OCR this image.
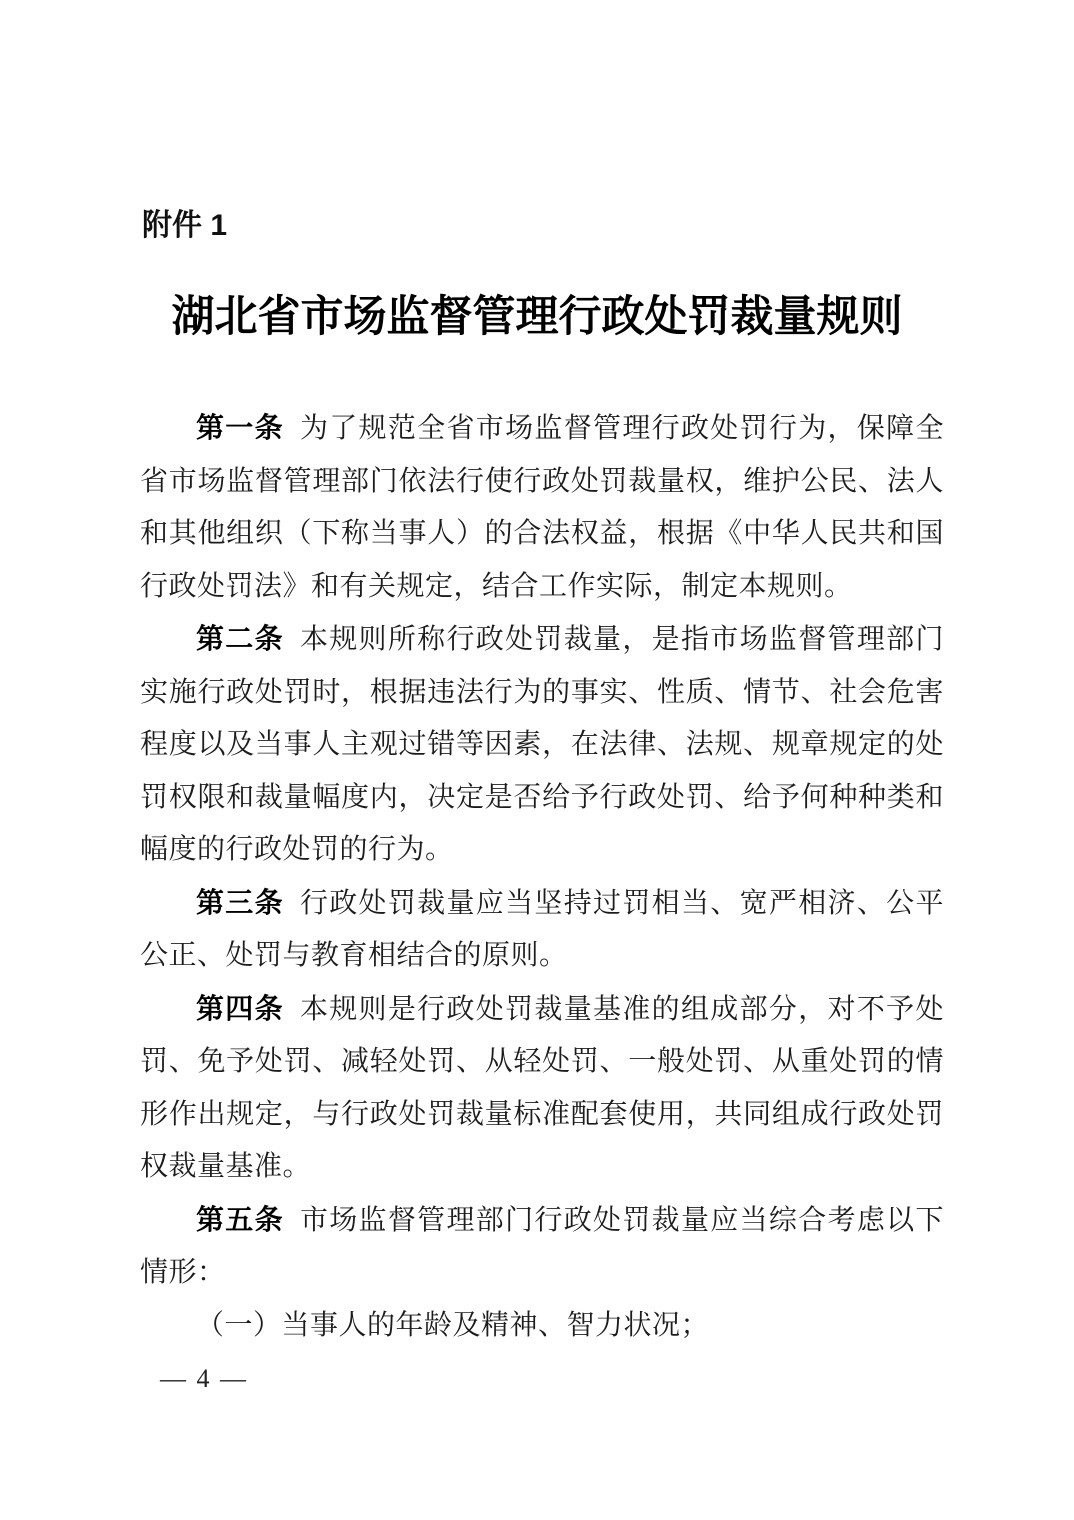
附件 1
湖北省市场监督管理行政处罚裁量规则

第一条 为了规范全省市场监督管理行政处罚行为，保障全省市场监督管理部门依法行使行政处罚裁量权，维护公民、法人和其他组织（下称当事人）的合法权益，根据《中华人民共和国行政处罚法》和有关规定，结合工作实际，制定本规则。

第二条 本规则所称行政处罚裁量，是指市场监督管理部门实施行政处罚时，根据违法行为的事实、性质、情节、社会危害程度以及当事人主观过错等因素，在法律、法规、规章规定的处罚权限和裁量幅度内，决定是否给予行政处罚、给予何种种类和幅度的行政处罚的行为。

第三条 行政处罚裁量应当坚持过罚相当、宽严相济、公平公正、处罚与教育相结合的原则。

第四条 本规则是行政处罚裁量基准的组成部分，对不予处罚、免予处罚、减轻处罚、从轻处罚、一般处罚、从重处罚的情形作出规定，与行政处罚裁量标准配套使用，共同组成行政处罚权裁量基准。

第五条 市场监督管理部门行政处罚裁量应当综合考虑以下情形：

（一）当事人的年龄及精神、智力状况；

— 4 —
